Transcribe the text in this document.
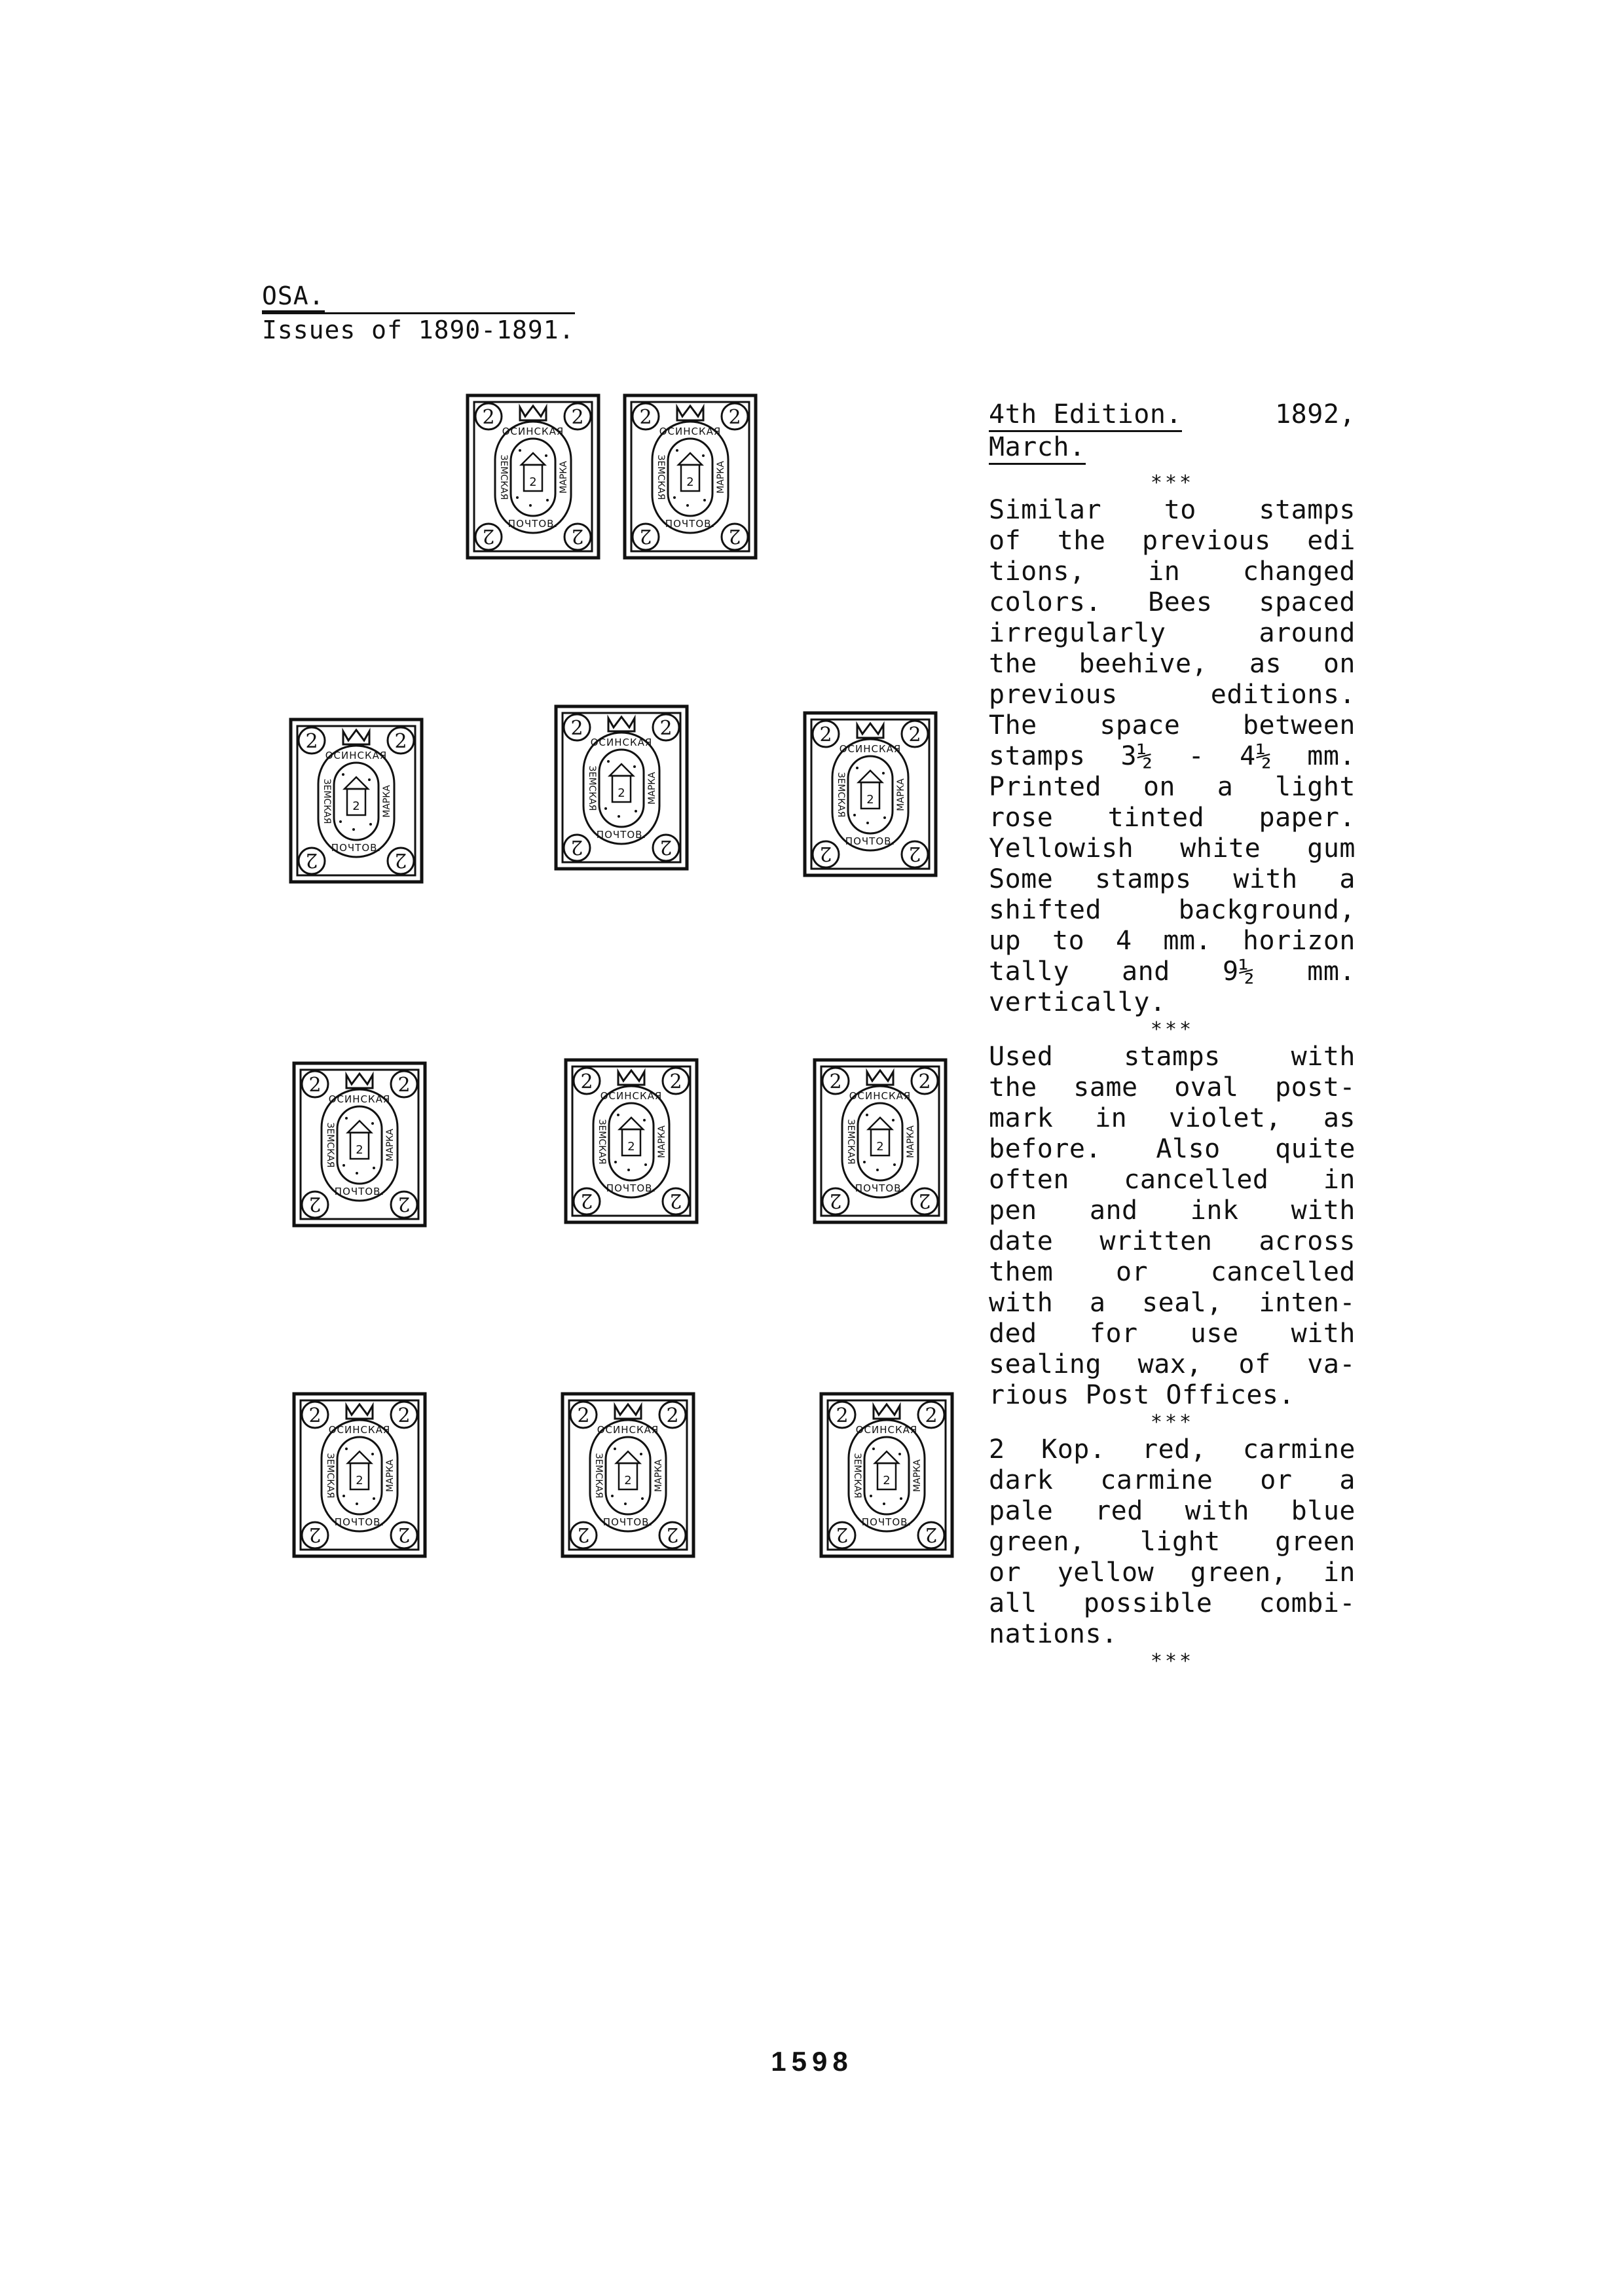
OSA.
Issues of 1890-1891.
2	2
2	2
2
ОСИНСКАЯ
ПОЧТОВ.
ЗЕМСКАЯ	МАРКА
2	2
2	2
2
ОСИНСКАЯ
ПОЧТОВ.
ЗЕМСКАЯ	МАРКА
2	2
2	2
2
ОСИНСКАЯ
ПОЧТОВ.
ЗЕМСКАЯ	МАРКА
2	2
2	2
2
ОСИНСКАЯ
ПОЧТОВ.
ЗЕМСКАЯ	МАРКА
2	2
2	2
2
ОСИНСКАЯ
ПОЧТОВ.
ЗЕМСКАЯ	МАРКА
2	2
2	2
2
ОСИНСКАЯ
ПОЧТОВ.
ЗЕМСКАЯ	МАРКА
2	2
2	2
2
ОСИНСКАЯ
ПОЧТОВ.
ЗЕМСКАЯ	МАРКА
2	2
2	2
2
ОСИНСКАЯ
ПОЧТОВ.
ЗЕМСКАЯ	МАРКА
2	2
2	2
2
ОСИНСКАЯ
ПОЧТОВ.
ЗЕМСКАЯ	МАРКА
2	2
2	2
2
ОСИНСКАЯ
ПОЧТОВ.
ЗЕМСКАЯ	МАРКА
2	2
2	2
2
ОСИНСКАЯ
ПОЧТОВ.
ЗЕМСКАЯ	МАРКА
4th Edition.	1892,
March.
***
Similar to stamps
of the previous edi
tions, in changed
colors. Bees spaced
irregularly around
the beehive, as on
previous editions.
The space between
stamps 3½ - 4½ mm.
Printed on a light
rose tinted paper.
Yellowish white gum
Some stamps with a
shifted background,
up to 4 mm. horizon
tally and 9½ mm.
vertically.
***
Used stamps with
the same oval post-
mark in violet, as
before. Also quite
often cancelled in
pen and ink with
date written across
them or cancelled
with a seal, inten-
ded for use with
sealing wax, of va-
rious Post Offices.
***
2 Kop. red, carmine
dark carmine or a
pale red with blue
green, light green
or yellow green, in
all possible combi-
nations.
***
1598
